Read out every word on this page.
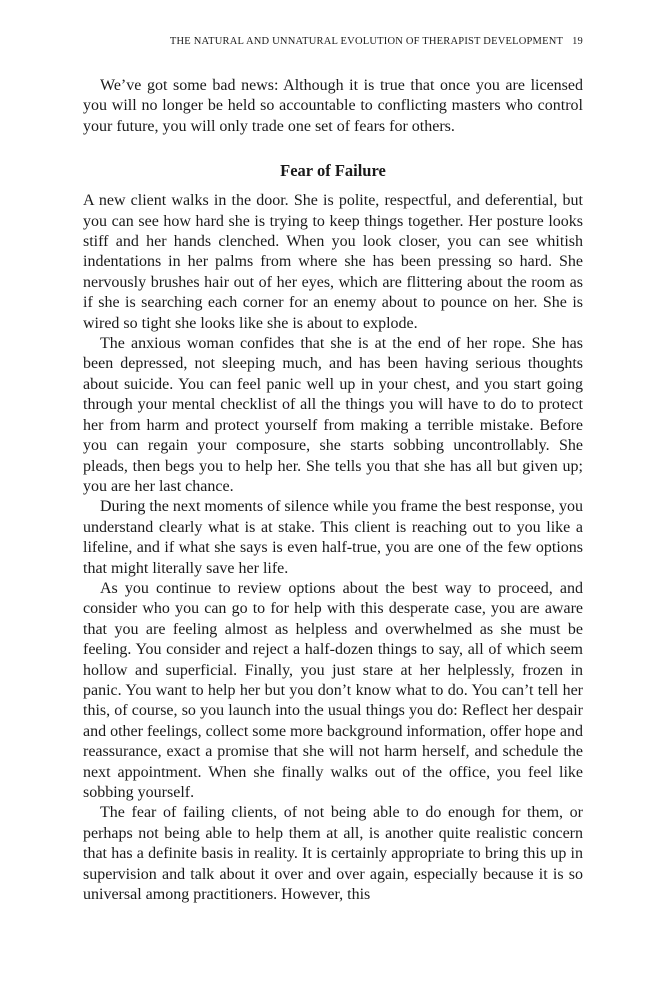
THE NATURAL AND UNNATURAL EVOLUTION OF THERAPIST DEVELOPMENT 19

We’ve got some bad news: Although it is true that once you are licensed you will no longer be held so accountable to conflicting masters who control your future, you will only trade one set of fears for others.

Fear of Failure

A new client walks in the door. She is polite, respectful, and deferential, but you can see how hard she is trying to keep things together. Her posture looks stiff and her hands clenched. When you look closer, you can see whitish indentations in her palms from where she has been pressing so hard. She nervously brushes hair out of her eyes, which are flittering about the room as if she is searching each corner for an enemy about to pounce on her. She is wired so tight she looks like she is about to explode.

The anxious woman confides that she is at the end of her rope. She has been depressed, not sleeping much, and has been having serious thoughts about suicide. You can feel panic well up in your chest, and you start going through your mental checklist of all the things you will have to do to protect her from harm and protect yourself from making a terrible mistake. Before you can regain your composure, she starts sobbing uncontrollably. She pleads, then begs you to help her. She tells you that she has all but given up; you are her last chance.

During the next moments of silence while you frame the best response, you understand clearly what is at stake. This client is reaching out to you like a lifeline, and if what she says is even half-true, you are one of the few options that might literally save her life.

As you continue to review options about the best way to proceed, and consider who you can go to for help with this desperate case, you are aware that you are feeling almost as helpless and overwhelmed as she must be feeling. You consider and reject a half-dozen things to say, all of which seem hollow and superficial. Finally, you just stare at her helplessly, frozen in panic. You want to help her but you don’t know what to do. You can’t tell her this, of course, so you launch into the usual things you do: Reflect her despair and other feelings, collect some more background information, offer hope and reassurance, exact a promise that she will not harm herself, and schedule the next appointment. When she finally walks out of the office, you feel like sobbing yourself.

The fear of failing clients, of not being able to do enough for them, or perhaps not being able to help them at all, is another quite realistic concern that has a definite basis in reality. It is certainly appropriate to bring this up in supervision and talk about it over and over again, especially because it is so universal among practitioners. However, this
